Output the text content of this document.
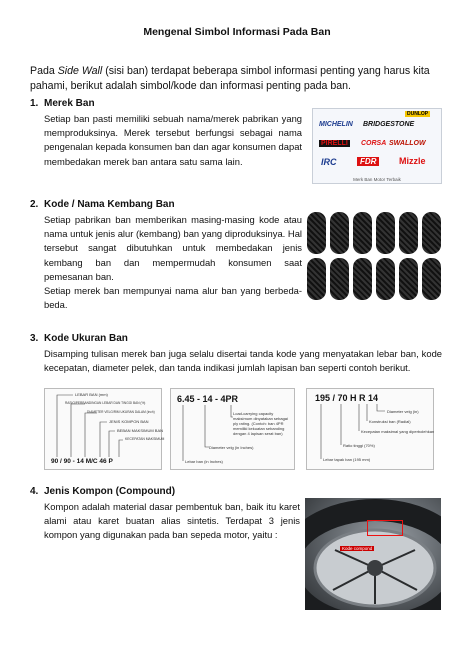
Mengenal Simbol Informasi Pada Ban
Pada Side Wall (sisi ban) terdapat beberapa simbol informasi penting yang harus kita pahami, berikut adalah simbol/kode dan informasi penting pada ban.
1. Merek Ban

Setiap ban pasti memiliki sebuah nama/merek pabrikan yang memproduksinya. Merek tersebut berfungsi sebagai nama pengenalan kepada konsumen ban dan agar konsumen dapat membedakan merek ban antara satu sama lain.

MICHELIN BRIDGESTONE
PIRELLI CORSA SWALLOW
DUNLOP
IRC	FDR	Mizzle
Merk Ban Motor Terbaik
2. Kode / Nama Kembang Ban

Setiap pabrikan ban memberikan masing-masing kode atau nama untuk jenis alur (kembang) ban yang diproduksinya. Hal tersebut sangat dibutuhkan untuk membedakan jenis kembang ban dan mempermudah konsumen saat pemesanan ban.

Setiap merek ban mempunyai nama alur ban yang berbeda-beda.

3. Kode Ukuran Ban

Disamping tulisan merek ban juga selalu disertai tanda kode yang menyatakan lebar ban, kode kecepatan, diameter pelek, dan tanda indikasi jumlah lapisan ban seperti contoh berikut.

LEBAR BAN (mm)
RASIO/PERBANDINGAN LEBAR DAN TINGGI BAN (%)
DIAMETER VELG/RIM UKURAN DALAM (inch)
JENIS KOMPON BAN
BEBAN MAKSIMUM BAN
KECEPATAN MAKSIMUM
90 / 90 - 14 M/C 46 P
6.45 - 14 - 4PR
Load-carrying capacity maksimum dinyatakan sebagai ply rating. (Contoh: ban 4PR memiliki kekuatan sebanding dengan 4 lapisan serat ban)
Diameter velg (in Inches)
Lebar ban (in Inches)
195 / 70 H R 14
Diameter velg (in)
Konstruksi ban (Radial)
Kecepatan maksimal yang diperbolehkan
Ratio tinggi (70%)
Lebar tapak ban (195 mm)
4. Jenis Kompon (Compound)

Kompon adalah material dasar pembentuk ban, baik itu karet alami atau karet buatan alias sintetis. Terdapat 3 jenis kompon yang digunakan pada ban sepeda motor, yaitu :

Kode compond
